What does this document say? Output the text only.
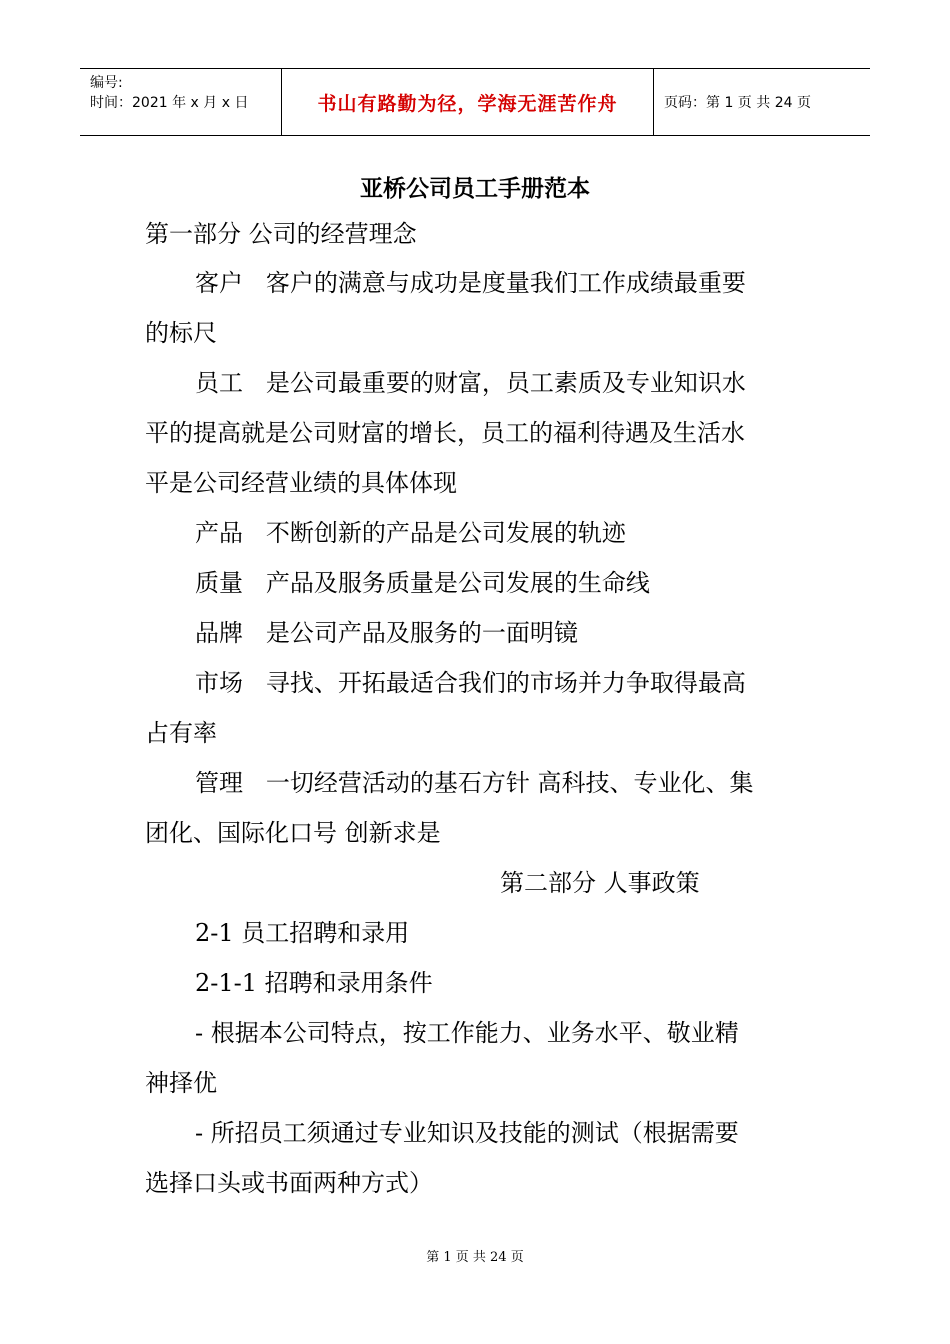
编号:
时间：2021 年 x 月 x 日	书山有路勤为径，学海无涯苦作舟	页码：第 1 页 共 24 页
亚桥公司员工手册范本
第一部分 公司的经营理念
客户   客户的满意与成功是度量我们工作成绩最重要
的标尺
员工   是公司最重要的财富，员工素质及专业知识水
平的提高就是公司财富的增长，员工的福利待遇及生活水
平是公司经营业绩的具体体现
产品   不断创新的产品是公司发展的轨迹
质量   产品及服务质量是公司发展的生命线
品牌   是公司产品及服务的一面明镜
市场   寻找、开拓最适合我们的市场并力争取得最高
占有率
管理   一切经营活动的基石方针 高科技、专业化、集
团化、国际化口号 创新求是
第二部分 人事政策
2-1 员工招聘和录用
2-1-1 招聘和录用条件
- 根据本公司特点，按工作能力、业务水平、敬业精
神择优
- 所招员工须通过专业知识及技能的测试（根据需要
选择口头或书面两种方式）
第 1 页 共 24 页
